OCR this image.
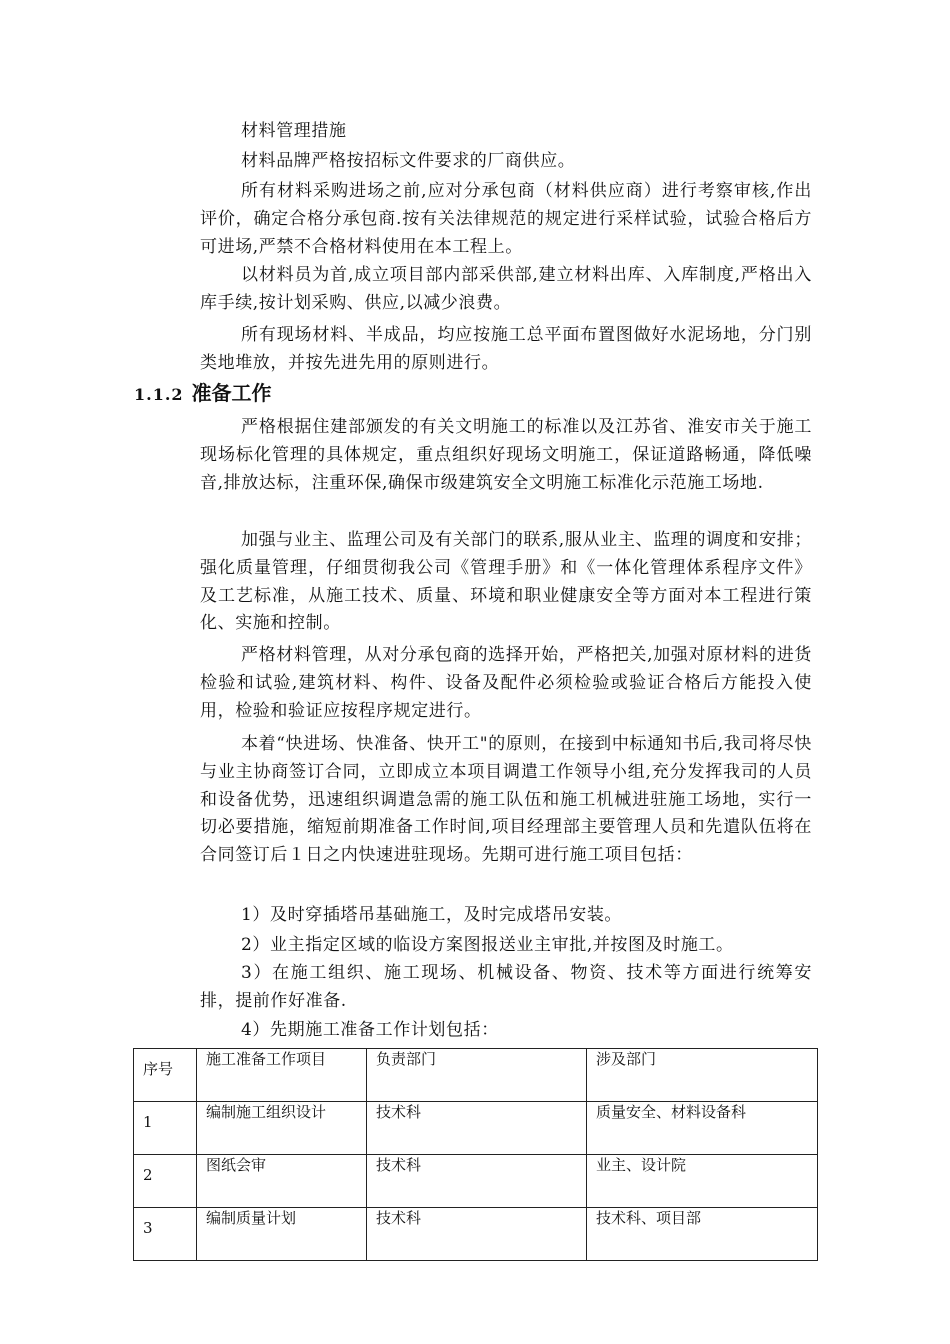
材料管理措施

材料品牌严格按招标文件要求的厂商供应。

所有材料采购进场之前,应对分承包商（材料供应商）进行考察审核,作出评价，确定合格分承包商.按有关法律规范的规定进行采样试验，试验合格后方可进场,严禁不合格材料使用在本工程上。

以材料员为首,成立项目部内部采供部,建立材料出库、入库制度,严格出入库手续,按计划采购、供应,以减少浪费。

所有现场材料、半成品，均应按施工总平面布置图做好水泥场地，分门别类地堆放，并按先进先用的原则进行。

1.1.2 准备工作

严格根据住建部颁发的有关文明施工的标准以及江苏省、淮安市关于施工现场标化管理的具体规定，重点组织好现场文明施工，保证道路畅通，降低噪音,排放达标，注重环保,确保市级建筑安全文明施工标准化示范施工场地.

加强与业主、监理公司及有关部门的联系,服从业主、监理的调度和安排；强化质量管理，仔细贯彻我公司《管理手册》和《一体化管理体系程序文件》及工艺标准，从施工技术、质量、环境和职业健康安全等方面对本工程进行策化、实施和控制。

严格材料管理，从对分承包商的选择开始，严格把关,加强对原材料的进货检验和试验,建筑材料、构件、设备及配件必须检验或验证合格后方能投入使用，检验和验证应按程序规定进行。

本着“快进场、快准备、快开工"的原则，在接到中标通知书后,我司将尽快与业主协商签订合同，立即成立本项目调遣工作领导小组,充分发挥我司的人员和设备优势，迅速组织调遣急需的施工队伍和施工机械进驻施工场地，实行一切必要措施，缩短前期准备工作时间,项目经理部主要管理人员和先遣队伍将在合同签订后１日之内快速进驻现场。先期可进行施工项目包括：

1）及时穿插塔吊基础施工，及时完成塔吊安装。

2）业主指定区域的临设方案图报送业主审批,并按图及时施工。

3）在施工组织、施工现场、机械设备、物资、技术等方面进行统筹安排，提前作好准备.

4）先期施工准备工作计划包括：

序号	施工准备工作项目	负责部门	涉及部门
1	编制施工组织设计	技术科	质量安全、材料设备科
2	图纸会审	技术科	业主、设计院
3	编制质量计划	技术科	技术科、项目部
